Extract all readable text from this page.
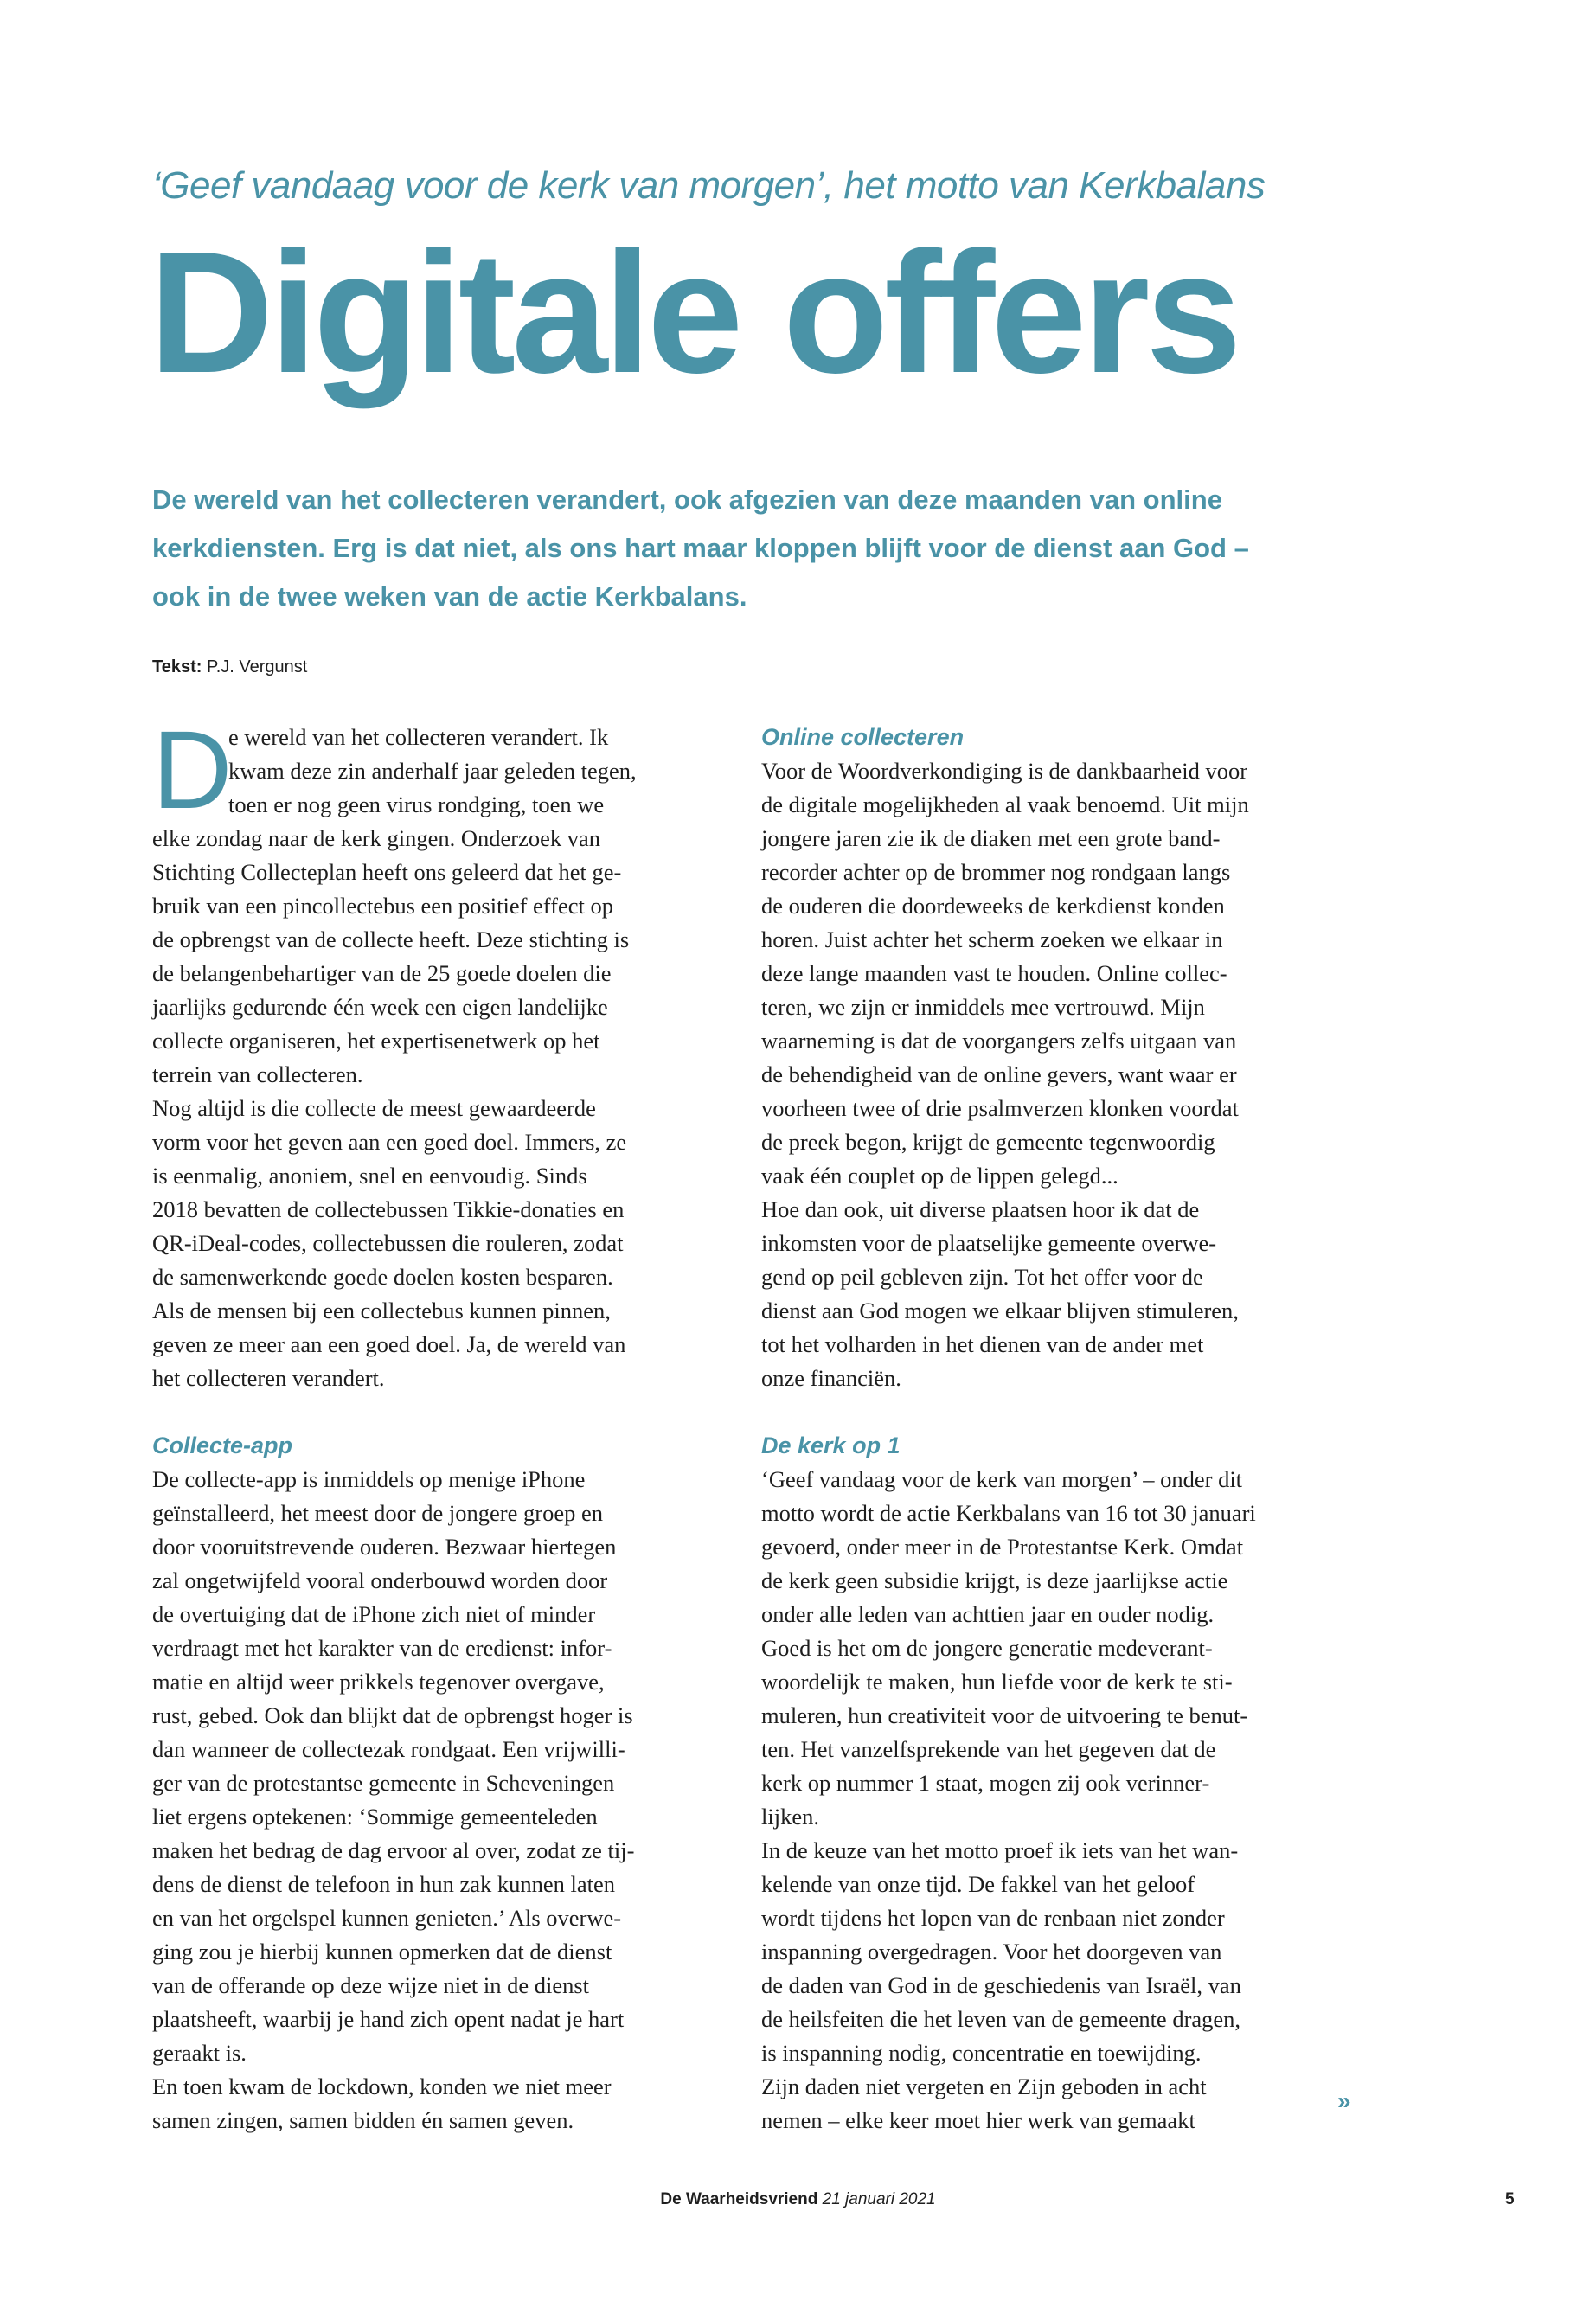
‘Geef vandaag voor de kerk van morgen’, het motto van Kerkbalans
Digitale offers
De wereld van het collecteren verandert, ook afgezien van deze maanden van online
kerkdiensten. Erg is dat niet, als ons hart maar kloppen blijft voor de dienst aan God –
ook in de twee weken van de actie Kerkbalans.
Tekst: P.J. Vergunst
D
e wereld van het collecteren verandert. Ik
kwam deze zin anderhalf jaar geleden tegen,
toen er nog geen virus rondging, toen we
elke zondag naar de kerk gingen. Onderzoek van
Stichting Collecteplan heeft ons geleerd dat het ge-
bruik van een pincollectebus een positief effect op
de opbrengst van de collecte heeft. Deze stichting is
de belangenbehartiger van de 25 goede doelen die
jaarlijks gedurende één week een eigen landelijke
collecte organiseren, het expertisenetwerk op het
terrein van collecteren.
Nog altijd is die collecte de meest gewaardeerde
vorm voor het geven aan een goed doel. Immers, ze
is eenmalig, anoniem, snel en eenvoudig. Sinds
2018 bevatten de collectebussen Tikkie-donaties en
QR-iDeal-codes, collectebussen die rouleren, zodat
de samenwerkende goede doelen kosten besparen.
Als de mensen bij een collectebus kunnen pinnen,
geven ze meer aan een goed doel. Ja, de wereld van
het collecteren verandert.
Collecte-app
De collecte-app is inmiddels op menige iPhone
geïnstalleerd, het meest door de jongere groep en
door vooruitstrevende ouderen. Bezwaar hiertegen
zal ongetwijfeld vooral onderbouwd worden door
de overtuiging dat de iPhone zich niet of minder
verdraagt met het karakter van de eredienst: infor-
matie en altijd weer prikkels tegenover overgave,
rust, gebed. Ook dan blijkt dat de opbrengst hoger is
dan wanneer de collectezak rondgaat. Een vrijwilli-
ger van de protestantse gemeente in Scheveningen
liet ergens optekenen: ‘Sommige gemeenteleden
maken het bedrag de dag ervoor al over, zodat ze tij-
dens de dienst de telefoon in hun zak kunnen laten
en van het orgelspel kunnen genieten.’ Als overwe-
ging zou je hierbij kunnen opmerken dat de dienst
van de offerande op deze wijze niet in de dienst
plaatsheeft, waarbij je hand zich opent nadat je hart
geraakt is.
En toen kwam de lockdown, konden we niet meer
samen zingen, samen bidden én samen geven.
Online collecteren
Voor de Woordverkondiging is de dankbaarheid voor
de digitale mogelijkheden al vaak benoemd. Uit mijn
jongere jaren zie ik de diaken met een grote band-
recorder achter op de brommer nog rondgaan langs
de ouderen die doordeweeks de kerkdienst konden
horen. Juist achter het scherm zoeken we elkaar in
deze lange maanden vast te houden. Online collec-
teren, we zijn er inmiddels mee vertrouwd. Mijn
waarneming is dat de voorgangers zelfs uitgaan van
de behendigheid van de online gevers, want waar er
voorheen twee of drie psalmverzen klonken voordat
de preek begon, krijgt de gemeente tegenwoordig
vaak één couplet op de lippen gelegd...
Hoe dan ook, uit diverse plaatsen hoor ik dat de
inkomsten voor de plaatselijke gemeente overwe-
gend op peil gebleven zijn. Tot het offer voor de
dienst aan God mogen we elkaar blijven stimuleren,
tot het volharden in het dienen van de ander met
onze financiën.
De kerk op 1
‘Geef vandaag voor de kerk van morgen’ – onder dit
motto wordt de actie Kerkbalans van 16 tot 30 januari
gevoerd, onder meer in de Protestantse Kerk. Omdat
de kerk geen subsidie krijgt, is deze jaarlijkse actie
onder alle leden van achttien jaar en ouder nodig.
Goed is het om de jongere generatie medeverant-
woordelijk te maken, hun liefde voor de kerk te sti-
muleren, hun creativiteit voor de uitvoering te benut-
ten. Het vanzelfsprekende van het gegeven dat de
kerk op nummer 1 staat, mogen zij ook verinner-
lijken.
In de keuze van het motto proef ik iets van het wan-
kelende van onze tijd. De fakkel van het geloof
wordt tijdens het lopen van de renbaan niet zonder
inspanning overgedragen. Voor het doorgeven van
de daden van God in de geschiedenis van Israël, van
de heilsfeiten die het leven van de gemeente dragen,
is inspanning nodig, concentratie en toewijding.
Zijn daden niet vergeten en Zijn geboden in acht
nemen – elke keer moet hier werk van gemaakt
»
De Waarheidsvriend 21 januari 2021	5
